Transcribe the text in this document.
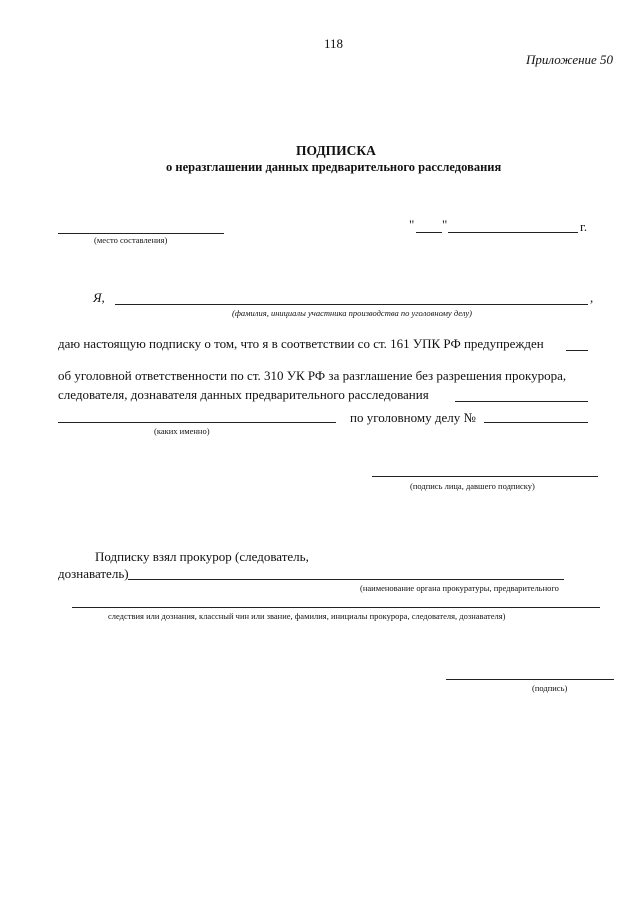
118
Приложение 50
ПОДПИСКА
о неразглашении данных предварительного расследования
(место составления)
" "	г.
Я,	,
(фамилия, инициалы участника производства по уголовному делу)
даю настоящую подписку о том, что я в соответствии со ст. 161 УПК РФ предупрежден
об уголовной ответственности по ст. 310 УК РФ за разглашение без разрешения прокурора,
следователя, дознавателя данных предварительного расследования
по уголовному делу №
(каких именно)
(подпись лица, давшего подписку)
Подписку взял прокурор (следователь,
дознаватель)
(наименование органа прокуратуры, предварительного
следствия или дознания, классный чин или звание, фамилия, инициалы прокурора, следователя, дознавателя)
(подпись)
